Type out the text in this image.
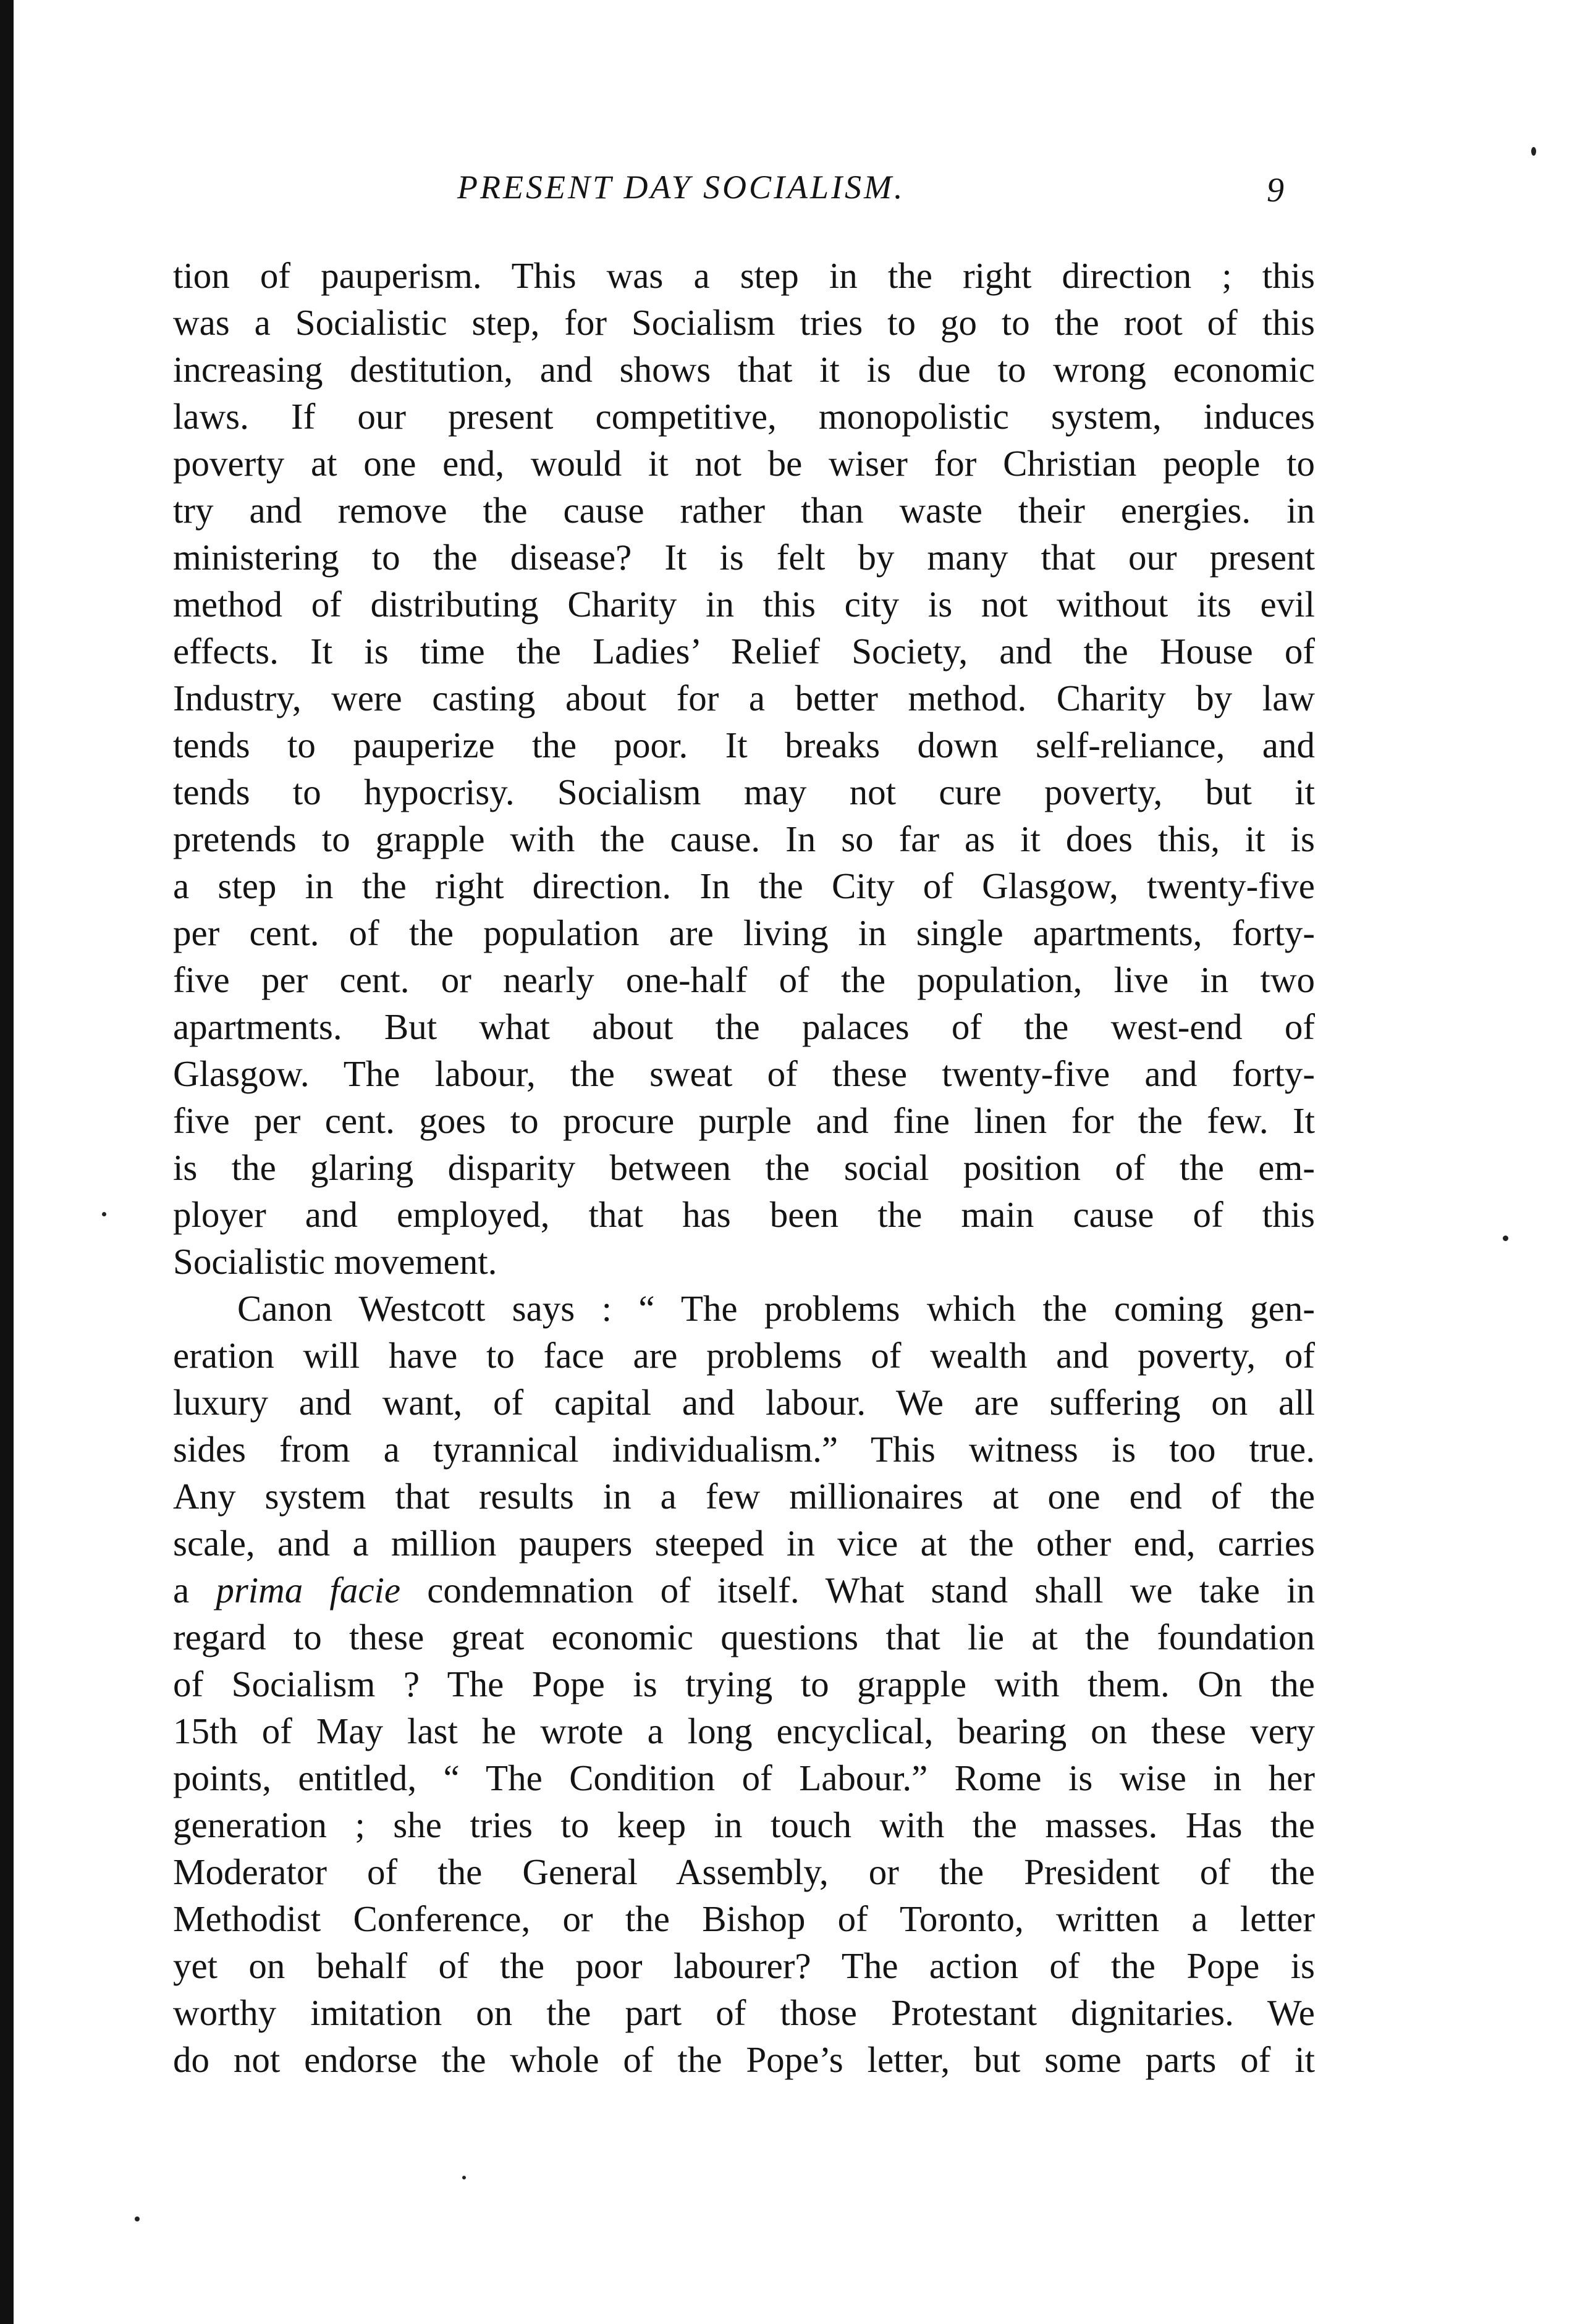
PRESENT DAY SOCIALISM.	9
tion of pauperism. This was a step in the right direction ; this
was a Socialistic step, for Socialism tries to go to the root of this
increasing destitution, and shows that it is due to wrong economic
laws. If our present competitive, monopolistic system, induces
poverty at one end, would it not be wiser for Christian people to
try and remove the cause rather than waste their energies. in
ministering to the disease? It is felt by many that our present
method of distributing Charity in this city is not without its evil
effects. It is time the Ladies’ Relief Society, and the House of
Industry, were casting about for a better method. Charity by law
tends to pauperize the poor. It breaks down self-reliance, and
tends to hypocrisy. Socialism may not cure poverty, but it
pretends to grapple with the cause. In so far as it does this, it is
a step in the right direction. In the City of Glasgow, twenty-five
per cent. of the population are living in single apartments, forty-
five per cent. or nearly one-half of the population, live in two
apartments. But what about the palaces of the west-end of
Glasgow. The labour, the sweat of these twenty-five and forty-
five per cent. goes to procure purple and fine linen for the few. It
is the glaring disparity between the social position of the em-
ployer and employed, that has been the main cause of this
Socialistic movement.
Canon Westcott says : “ The problems which the coming gen-
eration will have to face are problems of wealth and poverty, of
luxury and want, of capital and labour. We are suffering on all
sides from a tyrannical individualism.” This witness is too true.
Any system that results in a few millionaires at one end of the
scale, and a million paupers steeped in vice at the other end, carries
a prima facie condemnation of itself. What stand shall we take in
regard to these great economic questions that lie at the foundation
of Socialism ? The Pope is trying to grapple with them. On the
15th of May last he wrote a long encyclical, bearing on these very
points, entitled, “ The Condition of Labour.” Rome is wise in her
generation ; she tries to keep in touch with the masses. Has the
Moderator of the General Assembly, or the President of the
Methodist Conference, or the Bishop of Toronto, written a letter
yet on behalf of the poor labourer? The action of the Pope is
worthy imitation on the part of those Protestant dignitaries. We
do not endorse the whole of the Pope’s letter, but some parts of it
